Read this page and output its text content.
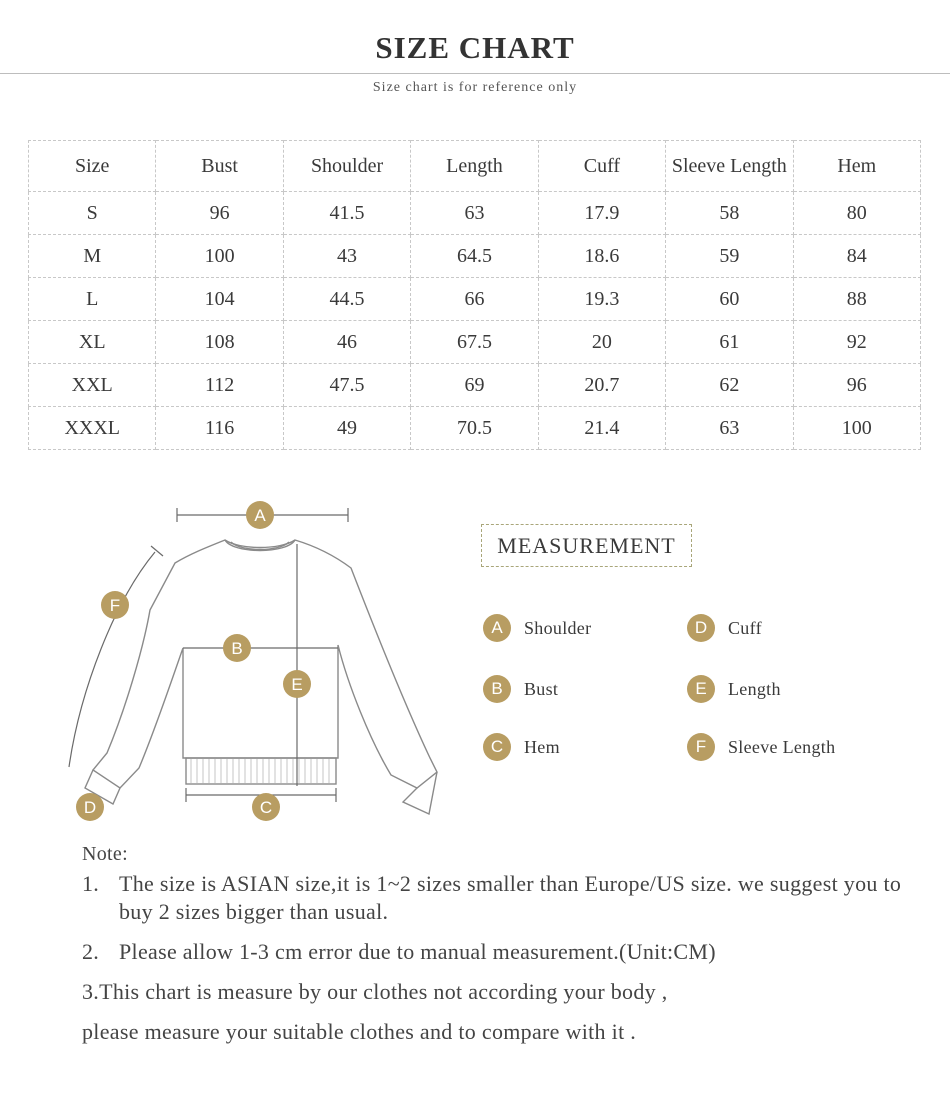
SIZE CHART
Size chart is for reference only
Size	Bust	Shoulder	Length	Cuff	Sleeve Length	Hem
S	96	41.5	63	17.9	58	80
M	100	43	64.5	18.6	59	84
L	104	44.5	66	19.3	60	88
XL	108	46	67.5	20	61	92
XXL	112	47.5	69	20.7	62	96
XXXL	116	49	70.5	21.4	63	100
A
B
C
D
E
F
MEASUREMENT
A	Shoulder
B	Bust
C	Hem
D	Cuff
E	Length
F	Sleeve Length
Note:
1. The size is ASIAN size,it is 1~2 sizes smaller than Europe/US size. we suggest you to buy 2 sizes bigger than usual.
2. Please allow 1-3 cm error due to manual measurement.(Unit:CM)
3.This chart is measure by our clothes not according your body ,
please measure your suitable clothes and to compare with it .
